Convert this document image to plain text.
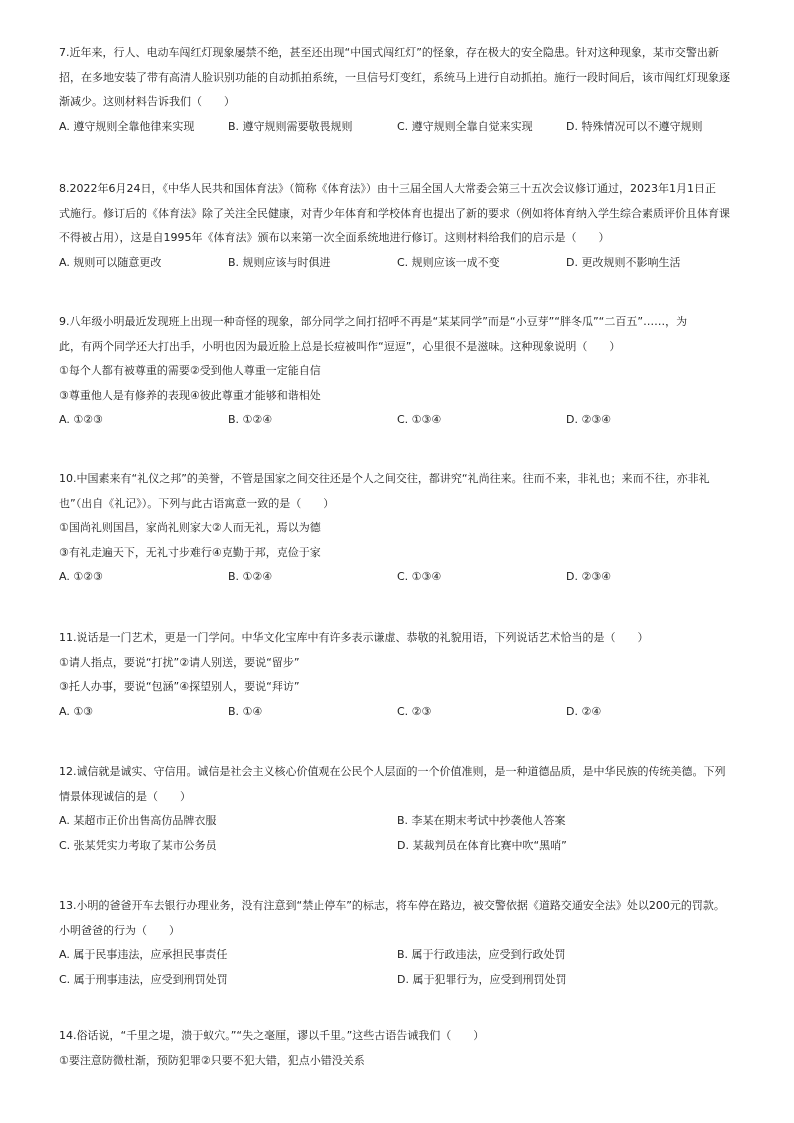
7.近年来，行人、电动车闯红灯现象屡禁不绝，甚至还出现“中国式闯红灯”的怪象，存在极大的安全隐患。针对这种现象，某市交警出新
招，在多地安装了带有高清人脸识别功能的自动抓拍系统，一旦信号灯变红，系统马上进行自动抓拍。施行一段时间后，该市闯红灯现象逐
渐减少。这则材料告诉我们（　　）
A. 遵守规则全靠他律来实现	B. 遵守规则需要敬畏规则	C. 遵守规则全靠自觉来实现	D. 特殊情况可以不遵守规则
8.2022年6月24日，《中华人民共和国体育法》（简称《体育法》）由十三届全国人大常委会第三十五次会议修订通过，2023年1月1日正
式施行。修订后的《体育法》除了关注全民健康，对青少年体育和学校体育也提出了新的要求（例如将体育纳入学生综合素质评价且体育课
不得被占用），这是自1995年《体育法》颁布以来第一次全面系统地进行修订。这则材料给我们的启示是（　　）
A. 规则可以随意更改	B. 规则应该与时俱进	C. 规则应该一成不变	D. 更改规则不影响生活
9.八年级小明最近发现班上出现一种奇怪的现象，部分同学之间打招呼不再是“某某同学”而是“小豆芽”“胖冬瓜”“二百五”……，为
此，有两个同学还大打出手，小明也因为最近脸上总是长痘被叫作“逗逗”，心里很不是滋味。这种现象说明（　　）
①每个人都有被尊重的需要②受到他人尊重一定能自信
③尊重他人是有修养的表现④彼此尊重才能够和谐相处
A. ①②③	B. ①②④	C. ①③④	D. ②③④
10.中国素来有“礼仪之邦”的美誉，不管是国家之间交往还是个人之间交往，都讲究“礼尚往来。往而不来，非礼也；来而不往，亦非礼
也”（出自《礼记》）。下列与此古语寓意一致的是（　　）
①国尚礼则国昌，家尚礼则家大②人而无礼，焉以为德
③有礼走遍天下，无礼寸步难行④克勤于邦，克俭于家
A. ①②③	B. ①②④	C. ①③④	D. ②③④
11.说话是一门艺术，更是一门学问。中华文化宝库中有许多表示谦虚、恭敬的礼貌用语，下列说话艺术恰当的是（　　）
①请人指点，要说“打扰”②请人别送，要说“留步”
③托人办事，要说“包涵”④探望别人，要说“拜访”
A. ①③	B. ①④	C. ②③	D. ②④
12.诚信就是诚实、守信用。诚信是社会主义核心价值观在公民个人层面的一个价值准则，是一种道德品质，是中华民族的传统美德。下列
情景体现诚信的是（　　）
A. 某超市正价出售高仿品牌衣服	B. 李某在期末考试中抄袭他人答案
C. 张某凭实力考取了某市公务员	D. 某裁判员在体育比赛中吹“黑哨”
13.小明的爸爸开车去银行办理业务，没有注意到“禁止停车”的标志，将车停在路边，被交警依据《道路交通安全法》处以200元的罚款。
小明爸爸的行为（　　）
A. 属于民事违法，应承担民事责任	B. 属于行政违法，应受到行政处罚
C. 属于刑事违法，应受到刑罚处罚	D. 属于犯罪行为，应受到刑罚处罚
14.俗话说，“千里之堤，溃于蚁穴。”“失之毫厘，谬以千里。”这些古语告诫我们（　　）
①要注意防微杜渐，预防犯罪②只要不犯大错，犯点小错没关系
